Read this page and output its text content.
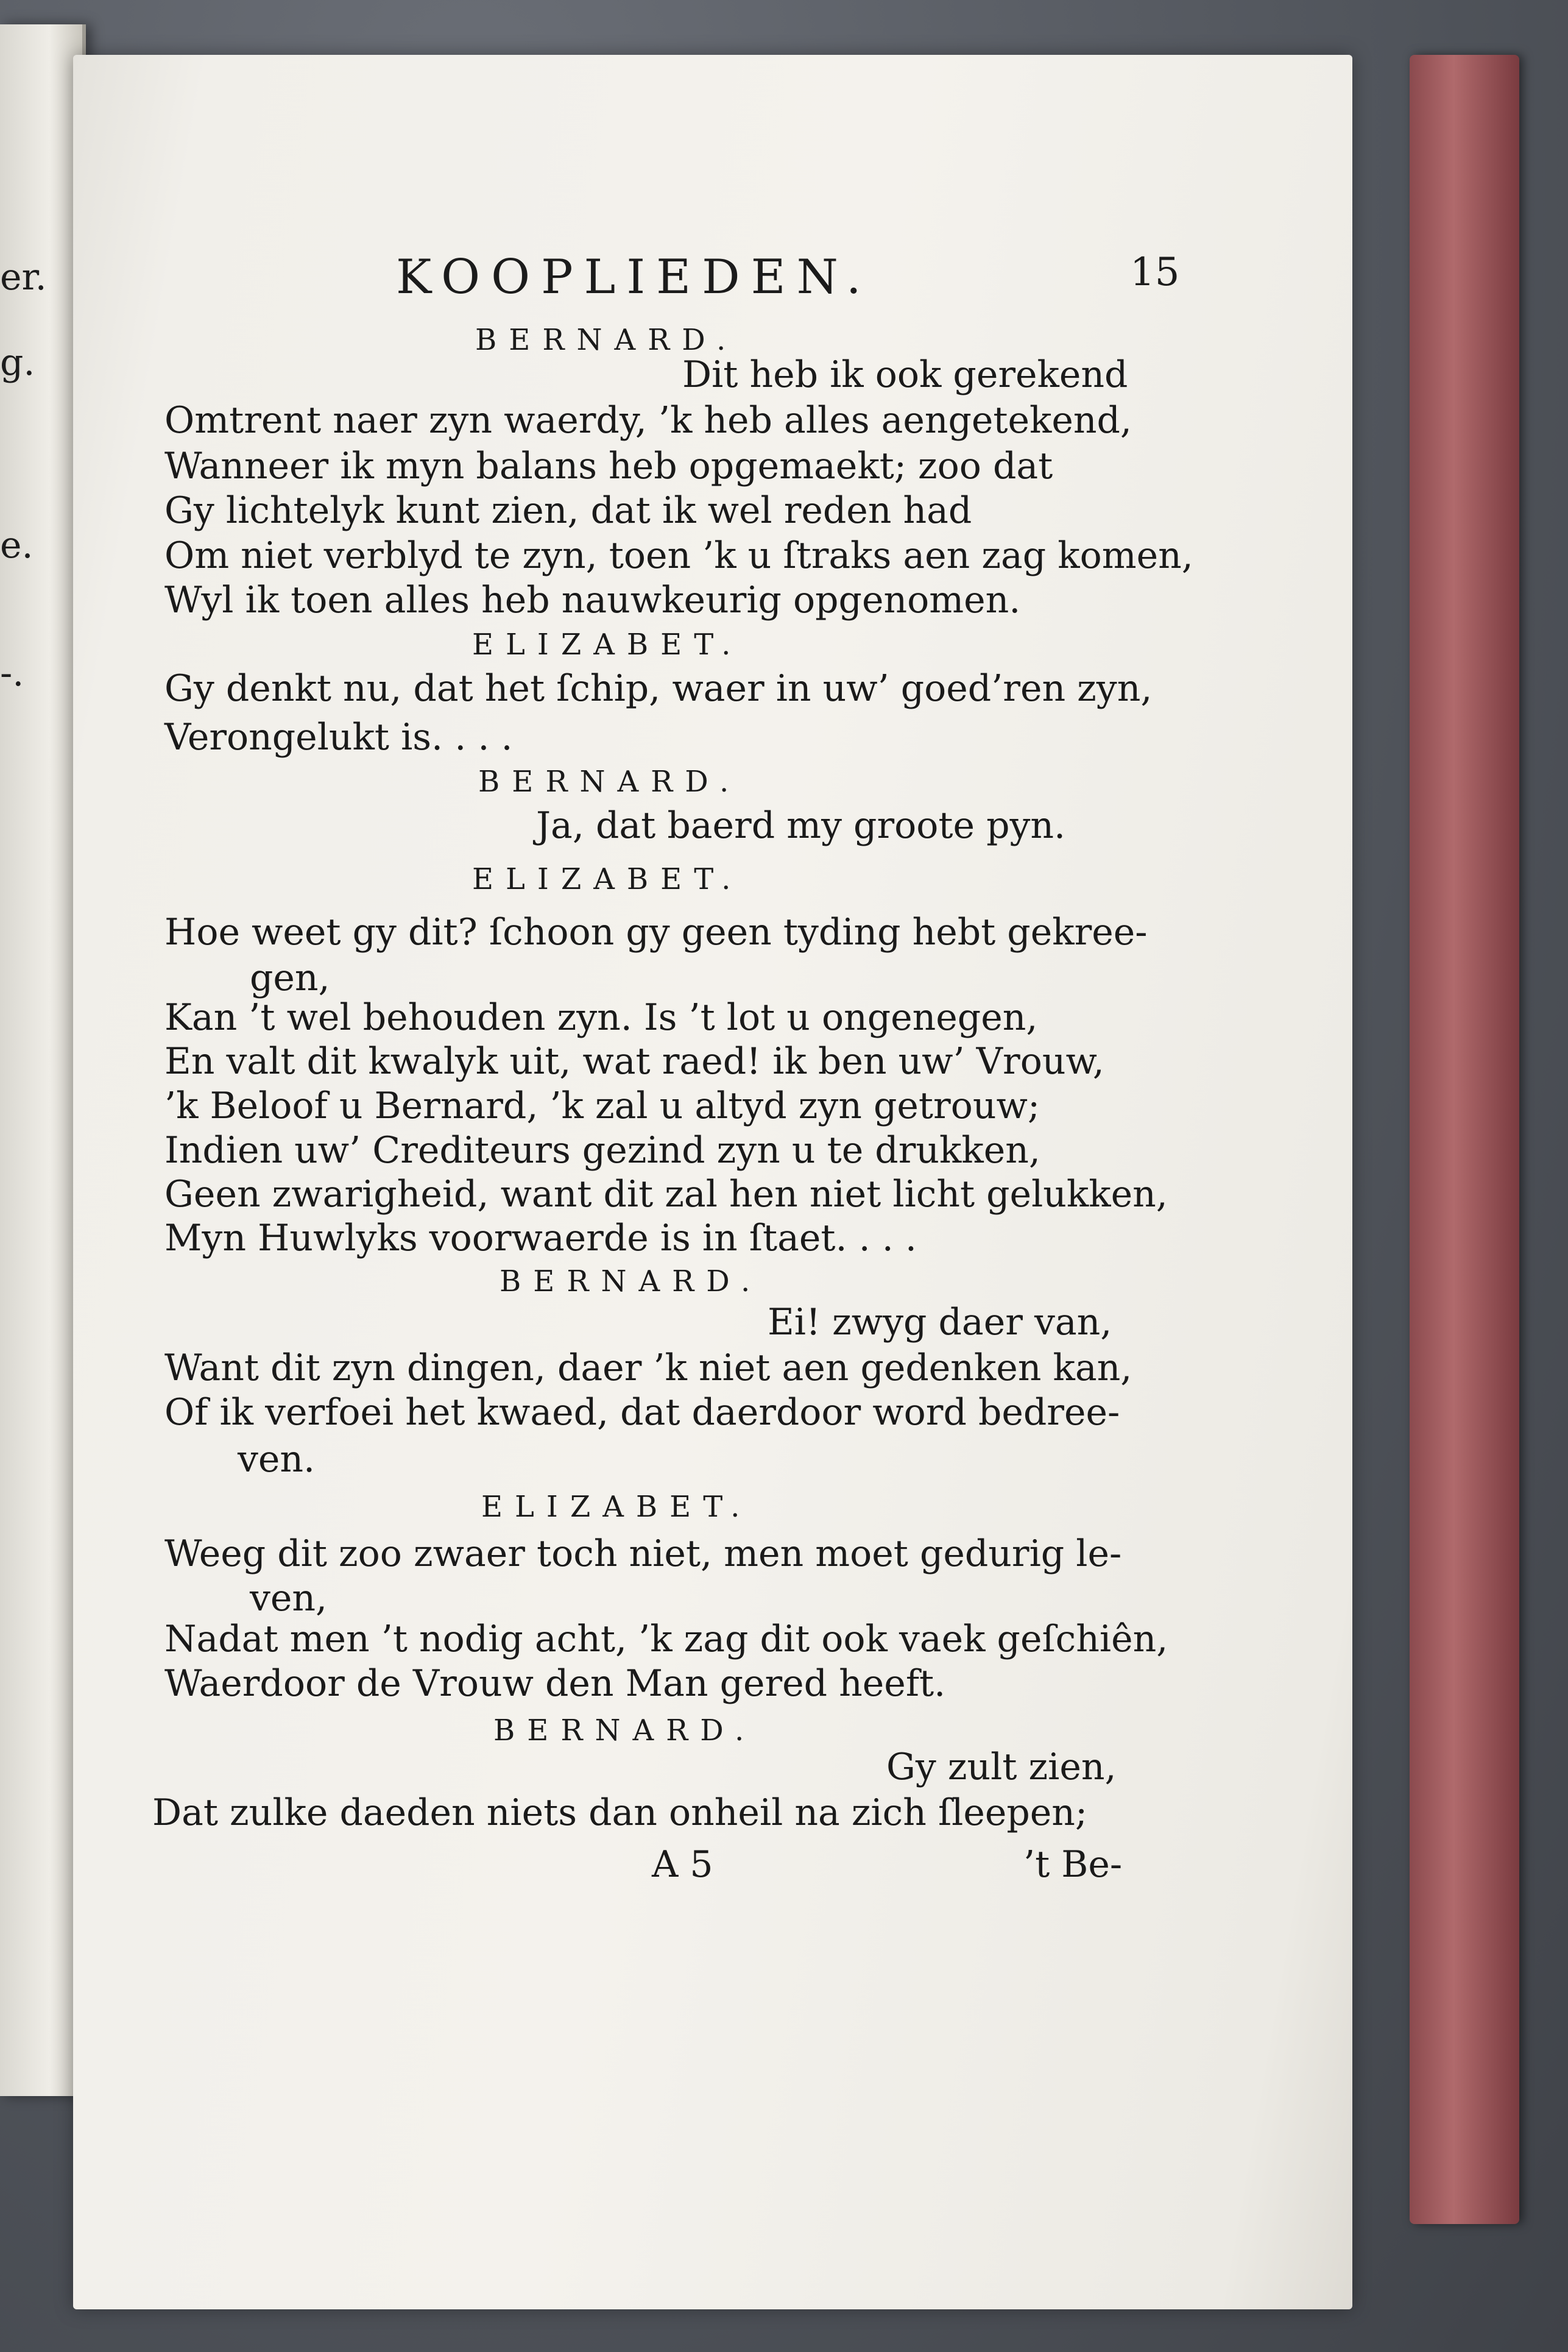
er.
g.
e.
-.
KOOPLIEDEN.	15
BERNARD.
Dit heb ik ook gerekend
Omtrent naer zyn waerdy, ’k heb alles aengetekend,
Wanneer ik myn balans heb opgemaekt; zoo dat
Gy lichtelyk kunt zien, dat ik wel reden had
Om niet verblyd te zyn, toen ’k u ſtraks aen zag komen,
Wyl ik toen alles heb nauwkeurig opgenomen.
ELIZABET.
Gy denkt nu, dat het ſchip, waer in uw’ goed’ren zyn,
Verongelukt is. . . .
BERNARD.
Ja, dat baerd my groote pyn.
ELIZABET.
Hoe weet gy dit? ſchoon gy geen tyding hebt gekree-
gen,
Kan ’t wel behouden zyn. Is ’t lot u ongenegen,
En valt dit kwalyk uit, wat raed! ik ben uw’ Vrouw,
’k Beloof u Bernard, ’k zal u altyd zyn getrouw;
Indien uw’ Crediteurs gezind zyn u te drukken,
Geen zwarigheid, want dit zal hen niet licht gelukken,
Myn Huwlyks voorwaerde is in ſtaet. . . .
BERNARD.
Ei! zwyg daer van,
Want dit zyn dingen, daer ’k niet aen gedenken kan,
Of ik verfoei het kwaed, dat daerdoor word bedree-
ven.
ELIZABET.
Weeg dit zoo zwaer toch niet, men moet gedurig le-
ven,
Nadat men ’t nodig acht, ’k zag dit ook vaek geſchiên,
Waerdoor de Vrouw den Man gered heeft.
BERNARD.
Gy zult zien,
Dat zulke daeden niets dan onheil na zich ſleepen;
A 5	’t Be-
